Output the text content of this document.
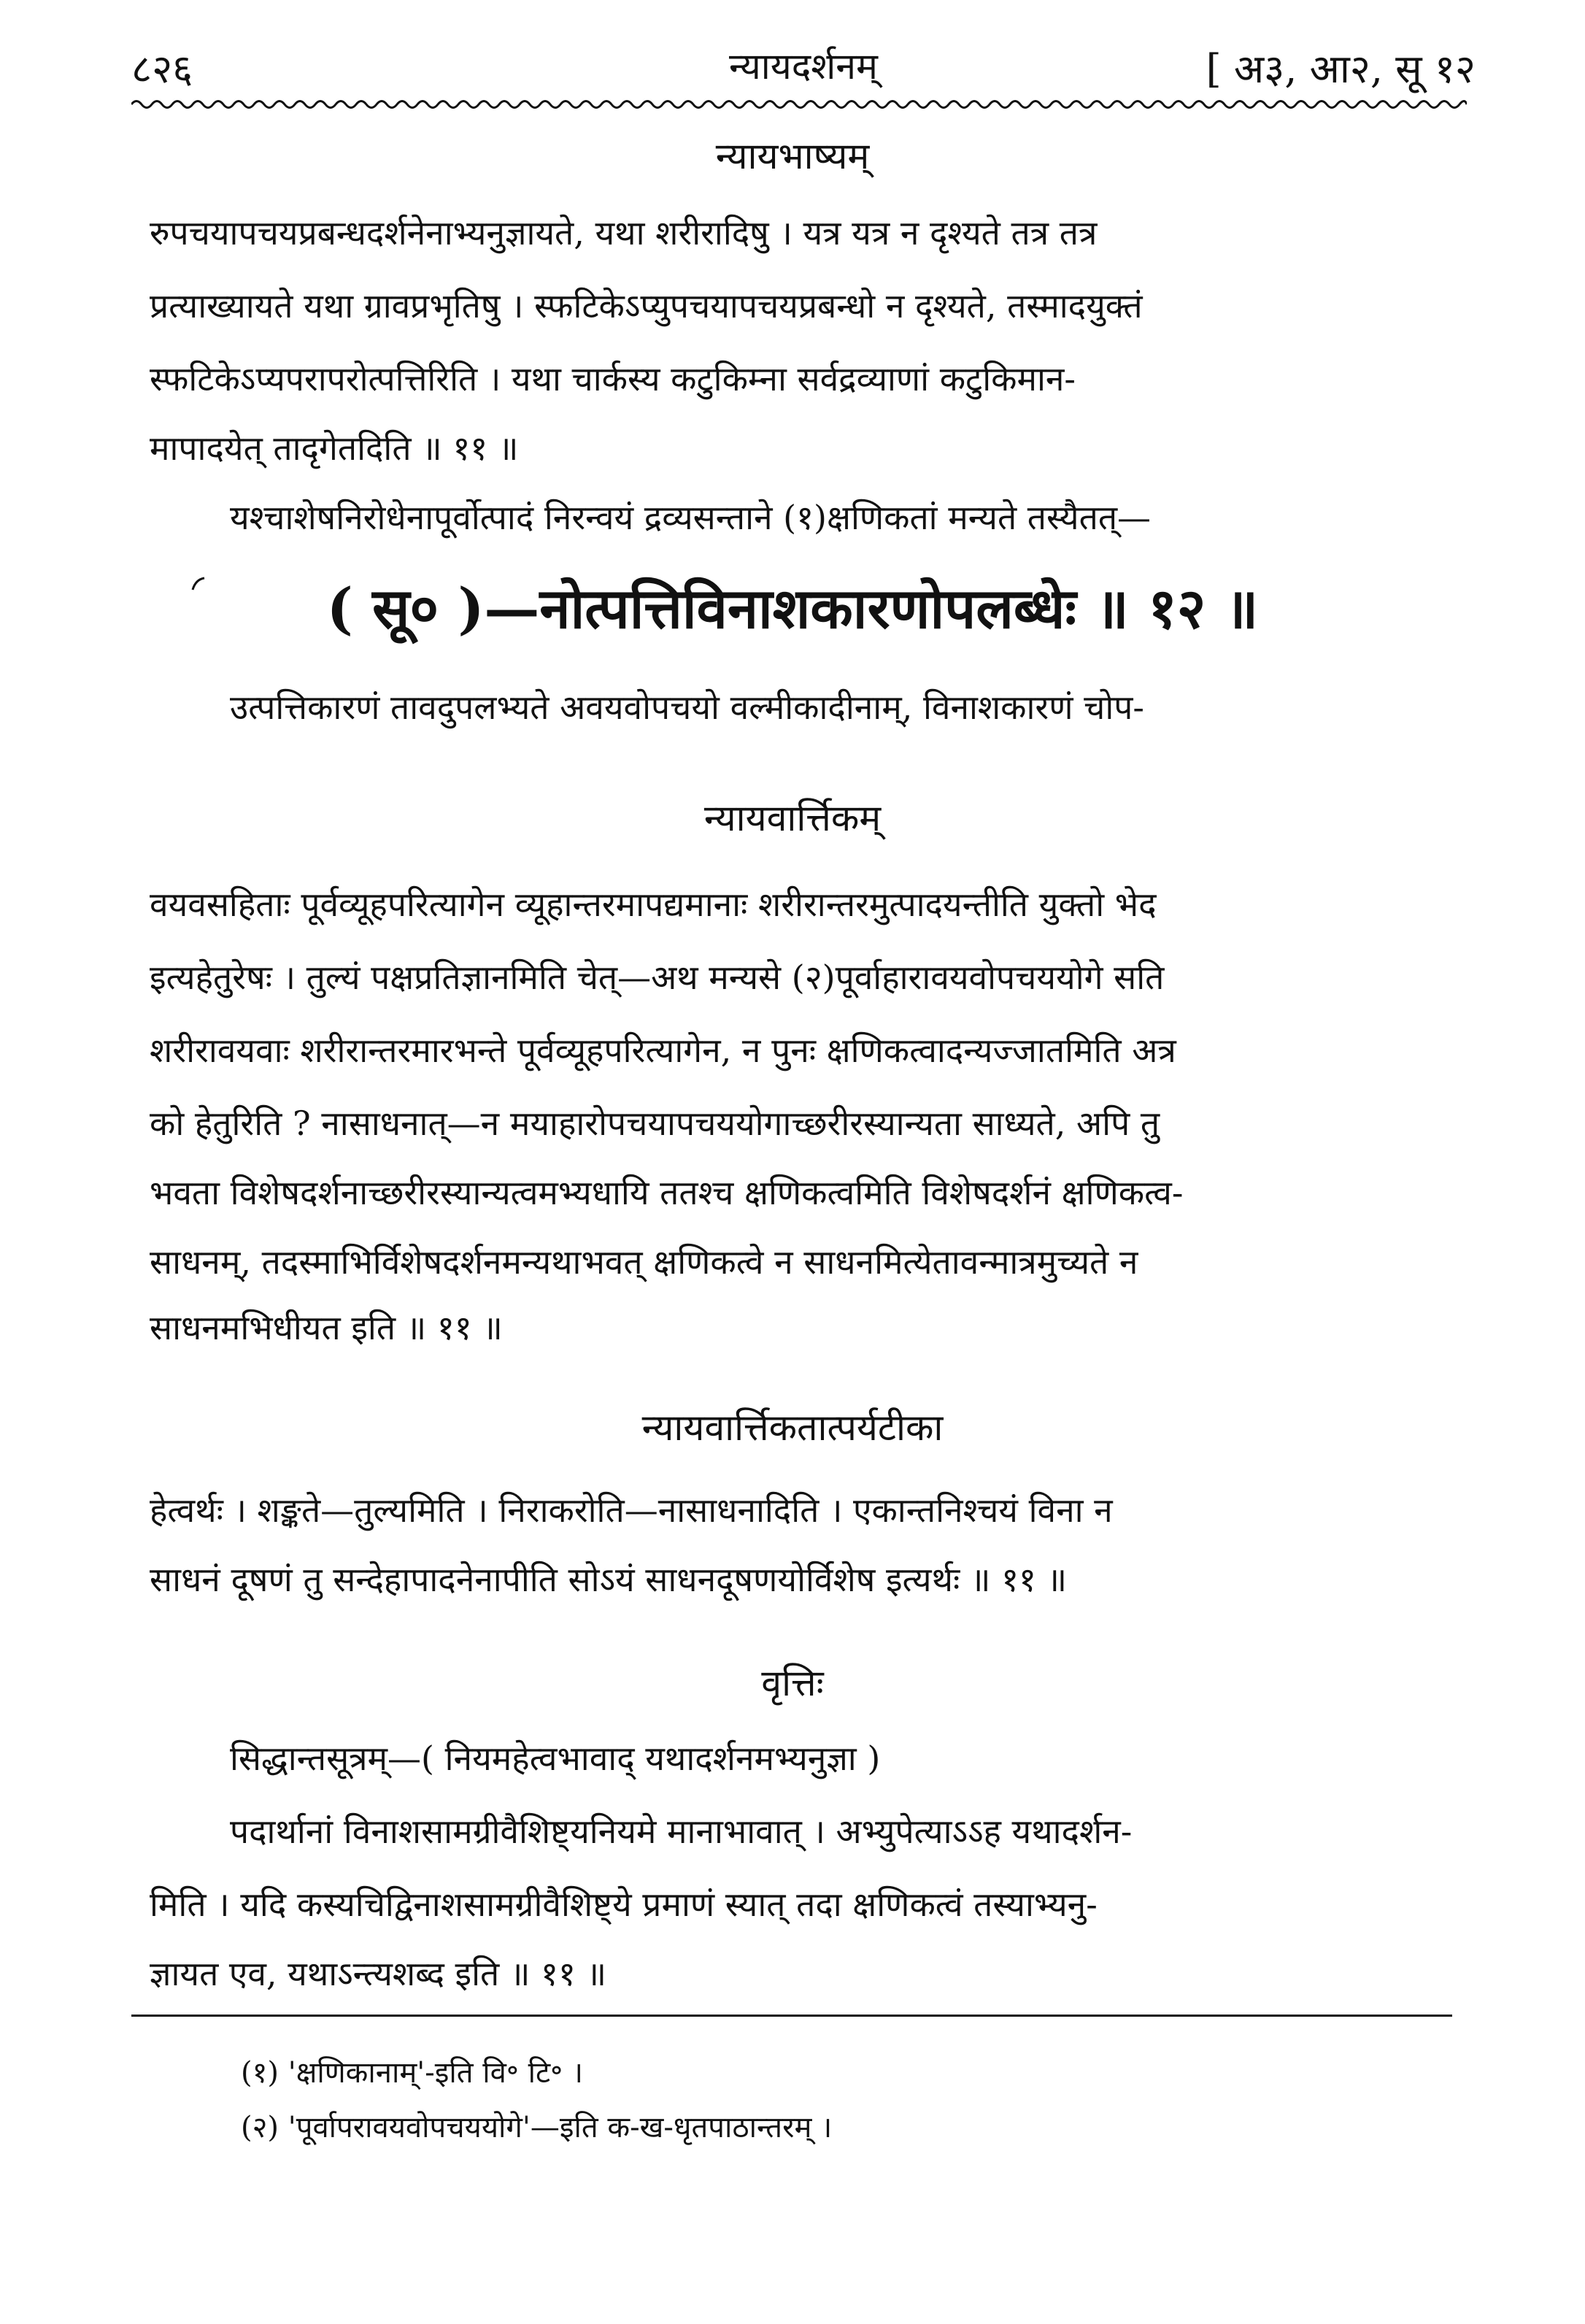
८२६	न्यायदर्शनम्	[ अ३, आ२, सू १२
न्यायभाष्यम्
रुपचयापचयप्रबन्धदर्शनेनाभ्यनुज्ञायते, यथा शरीरादिषु । यत्र यत्र न दृश्यते तत्र तत्र
प्रत्याख्यायते यथा ग्रावप्रभृतिषु । स्फटिकेऽप्युपचयापचयप्रबन्धो न दृश्यते, तस्मादयुक्तं
स्फटिकेऽप्यपरापरोत्पत्तिरिति । यथा चार्कस्य कटुकिम्ना सर्वद्रव्याणां कटुकिमान-
मापादयेत् तादृगेतदिति ॥ ११ ॥
यश्चाशेषनिरोधेनापूर्वोत्पादं निरन्वयं द्रव्यसन्ताने (१)क्षणिकतां मन्यते तस्यैतत्—
( सू० )—नोत्पत्तिविनाशकारणोपलब्धेः ॥ १२ ॥
उत्पत्तिकारणं तावदुपलभ्यते अवयवोपचयो वल्मीकादीनाम्, विनाशकारणं चोप-
न्यायवार्त्तिकम्
वयवसहिताः पूर्वव्यूहपरित्यागेन व्यूहान्तरमापद्यमानाः शरीरान्तरमुत्पादयन्तीति युक्तो भेद
इत्यहेतुरेषः । तुल्यं पक्षप्रतिज्ञानमिति चेत्—अथ मन्यसे (२)पूर्वाहारावयवोपचययोगे सति
शरीरावयवाः शरीरान्तरमारभन्ते पूर्वव्यूहपरित्यागेन, न पुनः क्षणिकत्वादन्यज्जातमिति अत्र
को हेतुरिति ? नासाधनात्—न मयाहारोपचयापचययोगाच्छरीरस्यान्यता साध्यते, अपि तु
भवता विशेषदर्शनाच्छरीरस्यान्यत्वमभ्यधायि ततश्च क्षणिकत्वमिति विशेषदर्शनं क्षणिकत्व-
साधनम्, तदस्माभिर्विशेषदर्शनमन्यथाभवत् क्षणिकत्वे न साधनमित्येतावन्मात्रमुच्यते न
साधनमभिधीयत इति ॥ ११ ॥
न्यायवार्त्तिकतात्पर्यटीका
हेत्वर्थः । शङ्कते—तुल्यमिति । निराकरोति—नासाधनादिति । एकान्तनिश्चयं विना न
साधनं दूषणं तु सन्देहापादनेनापीति सोऽयं साधनदूषणयोर्विशेष इत्यर्थः ॥ ११ ॥
वृत्तिः
सिद्धान्तसूत्रम्—( नियमहेत्वभावाद् यथादर्शनमभ्यनुज्ञा )
पदार्थानां विनाशसामग्रीवैशिष्ट्यनियमे मानाभावात् । अभ्युपेत्याऽऽह यथादर्शन-
मिति । यदि कस्यचिद्विनाशसामग्रीवैशिष्ट्ये प्रमाणं स्यात् तदा क्षणिकत्वं तस्याभ्यनु-
ज्ञायत एव, यथाऽन्त्यशब्द इति ॥ ११ ॥
(१) 'क्षणिकानाम्'-इति वि॰ टि॰ ।
(२) 'पूर्वापरावयवोपचययोगे'—इति क-ख-धृतपाठान्तरम् ।
